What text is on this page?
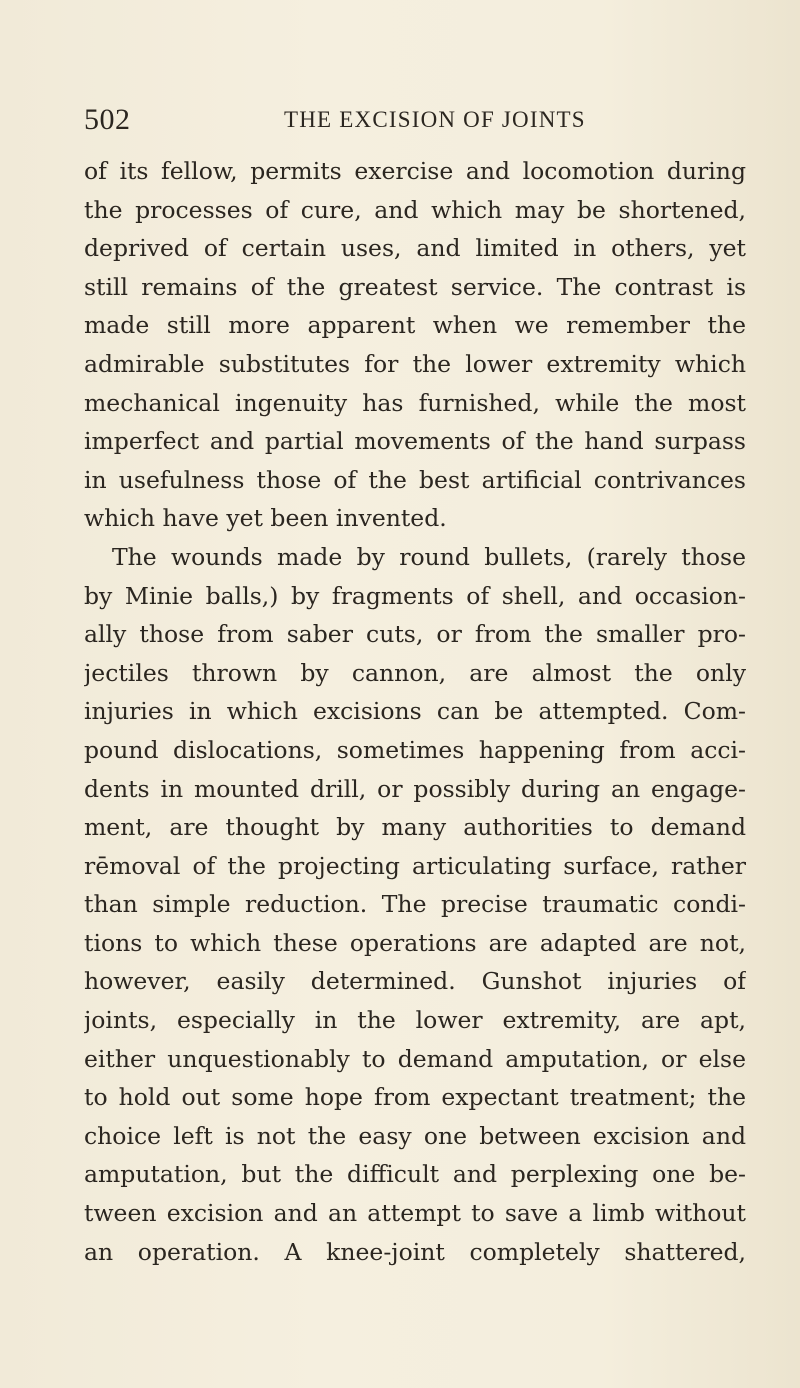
502	THE EXCISION OF JOINTS
of its fellow, permits exercise and locomotion during
the processes of cure, and which may be shortened,
deprived of certain uses, and limited in others, yet
still remains of the greatest service. The contrast is
made still more apparent when we remember the
admirable substitutes for the lower extremity which
mechanical ingenuity has furnished, while the most
imperfect and partial movements of the hand surpass
in usefulness those of the best artificial contrivances
which have yet been invented.
The wounds made by round bullets, (rarely those
by Minie balls,) by fragments of shell, and occasion-
ally those from saber cuts, or from the smaller pro-
jectiles thrown by cannon, are almost the only
injuries in which excisions can be attempted. Com-
pound dislocations, sometimes happening from acci-
dents in mounted drill, or possibly during an engage-
ment, are thought by many authorities to demand
rēmoval of the projecting articulating surface, rather
than simple reduction. The precise traumatic condi-
tions to which these operations are adapted are not,
however, easily determined. Gunshot injuries of
joints, especially in the lower extremity, are apt,
either unquestionably to demand amputation, or else
to hold out some hope from expectant treatment; the
choice left is not the easy one between excision and
amputation, but the difficult and perplexing one be-
tween excision and an attempt to save a limb without
an operation. A knee-joint completely shattered,
